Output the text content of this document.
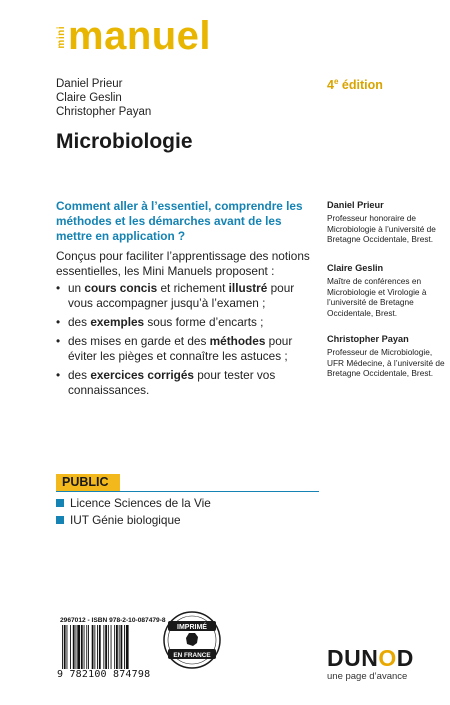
mini manuel
Daniel Prieur
Claire Geslin
Christopher Payan
4e édition
Microbiologie
Comment aller à l’essentiel, comprendre les méthodes et les démarches avant de les mettre en application ?
Conçus pour faciliter l’apprentissage des notions essentielles, les Mini Manuels proposent :
• un cours concis et richement illustré pour vous accompagner jusqu’à l’examen ;
• des exemples sous forme d’encarts ;
• des mises en garde et des méthodes pour éviter les pièges et connaître les astuces ;
• des exercices corrigés pour tester vos connaissances.
Daniel Prieur
Professeur honoraire de Microbiologie à l’université de Bretagne Occidentale, Brest.
Claire Geslin
Maître de conférences en Microbiologie et Virologie à l’université de Bretagne Occidentale, Brest.
Christopher Payan
Professeur de Microbiologie, UFR Médecine, à l’université de Bretagne Occidentale, Brest.
PUBLIC
Licence Sciences de la Vie
IUT Génie biologique
2967012 - ISBN 978-2-10-087479-8
9 782100 874798
IMPRIMÉ
EN FRANCE	DUNOD
une page d’avance
